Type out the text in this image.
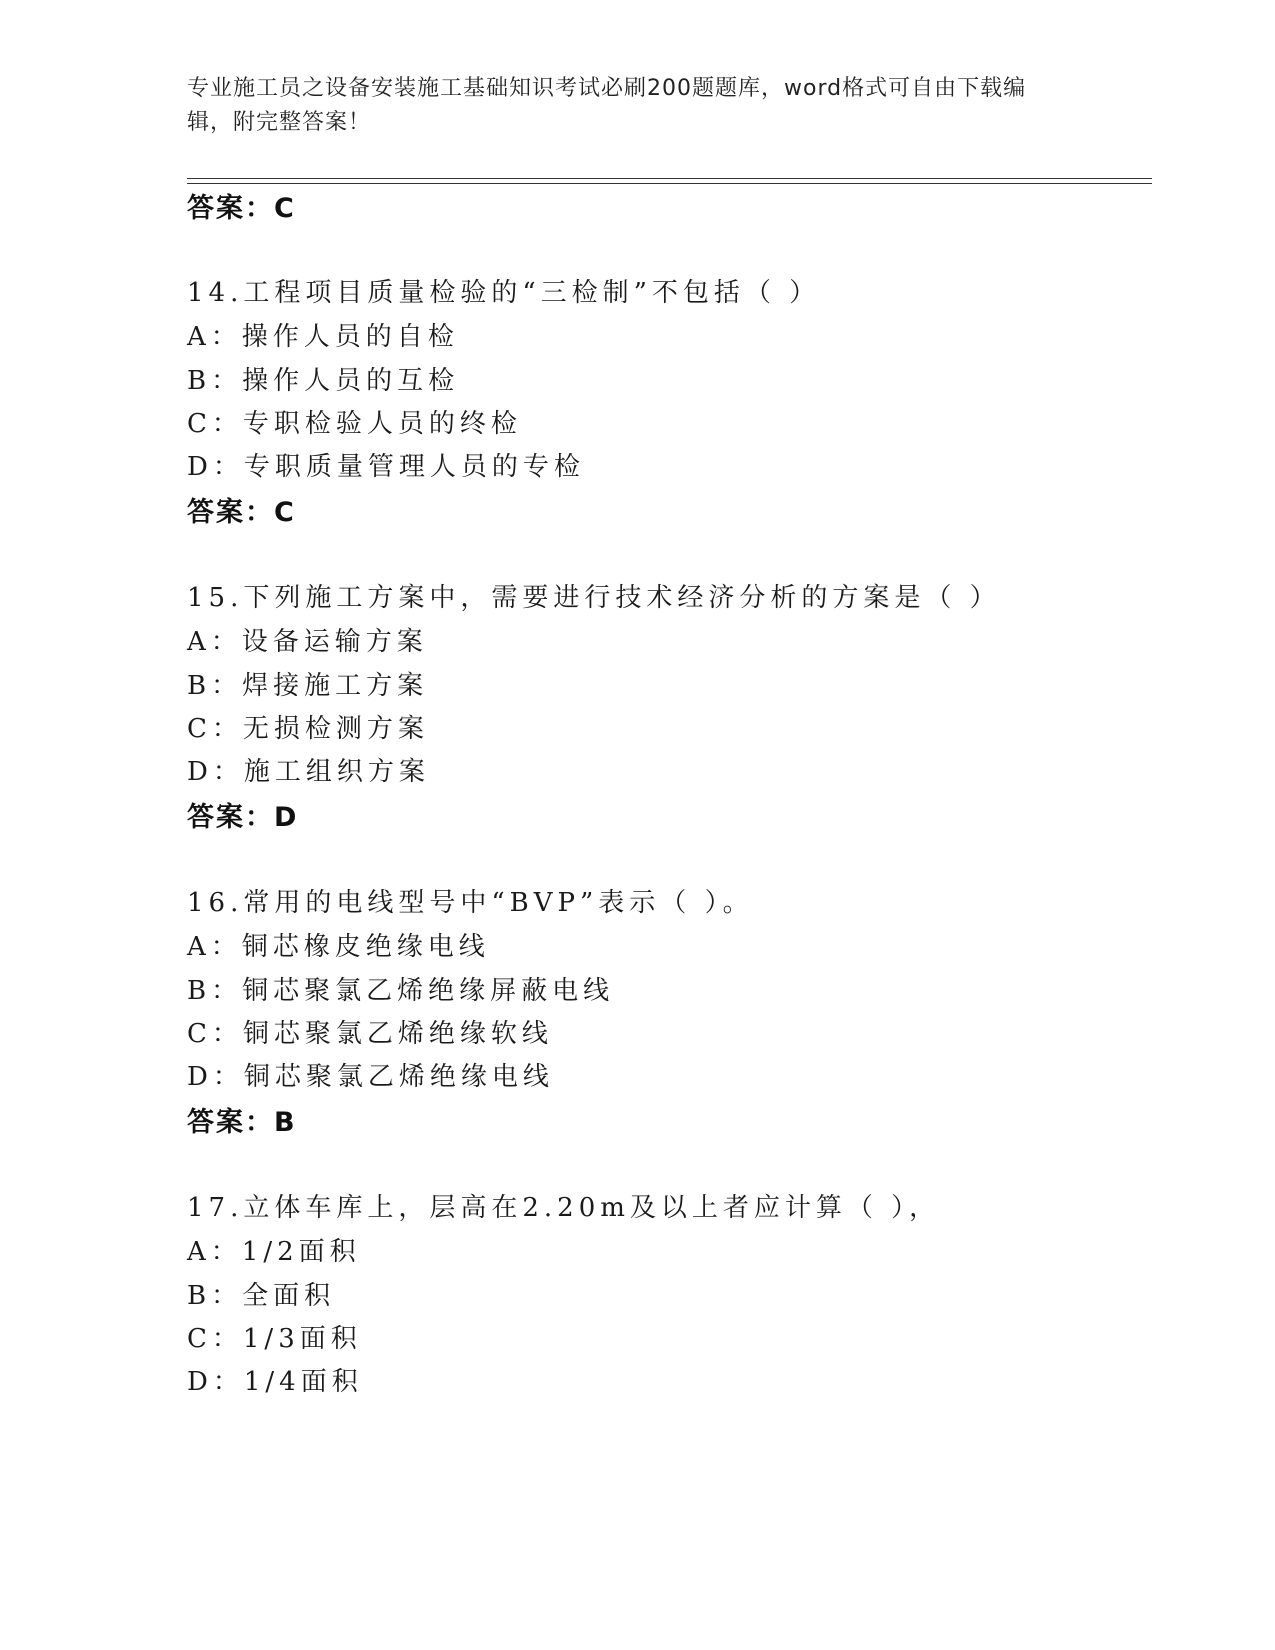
专业施工员之设备安装施工基础知识考试必刷200题题库，word格式可自由下载编辑，附完整答案！
答案：C
14.工程项目质量检验的“三检制”不包括（ ）
A：操作人员的自检
B：操作人员的互检
C：专职检验人员的终检
D：专职质量管理人员的专检
答案：C
15.下列施工方案中，需要进行技术经济分析的方案是（ ）
A：设备运输方案
B：焊接施工方案
C：无损检测方案
D：施工组织方案
答案：D
16.常用的电线型号中“BVP”表示（ ）。
A：铜芯橡皮绝缘电线
B：铜芯聚氯乙烯绝缘屏蔽电线
C：铜芯聚氯乙烯绝缘软线
D：铜芯聚氯乙烯绝缘电线
答案：B
17.立体车库上，层高在2.20m及以上者应计算（ ），
A：1/2面积
B：全面积
C：1/3面积
D：1/4面积
